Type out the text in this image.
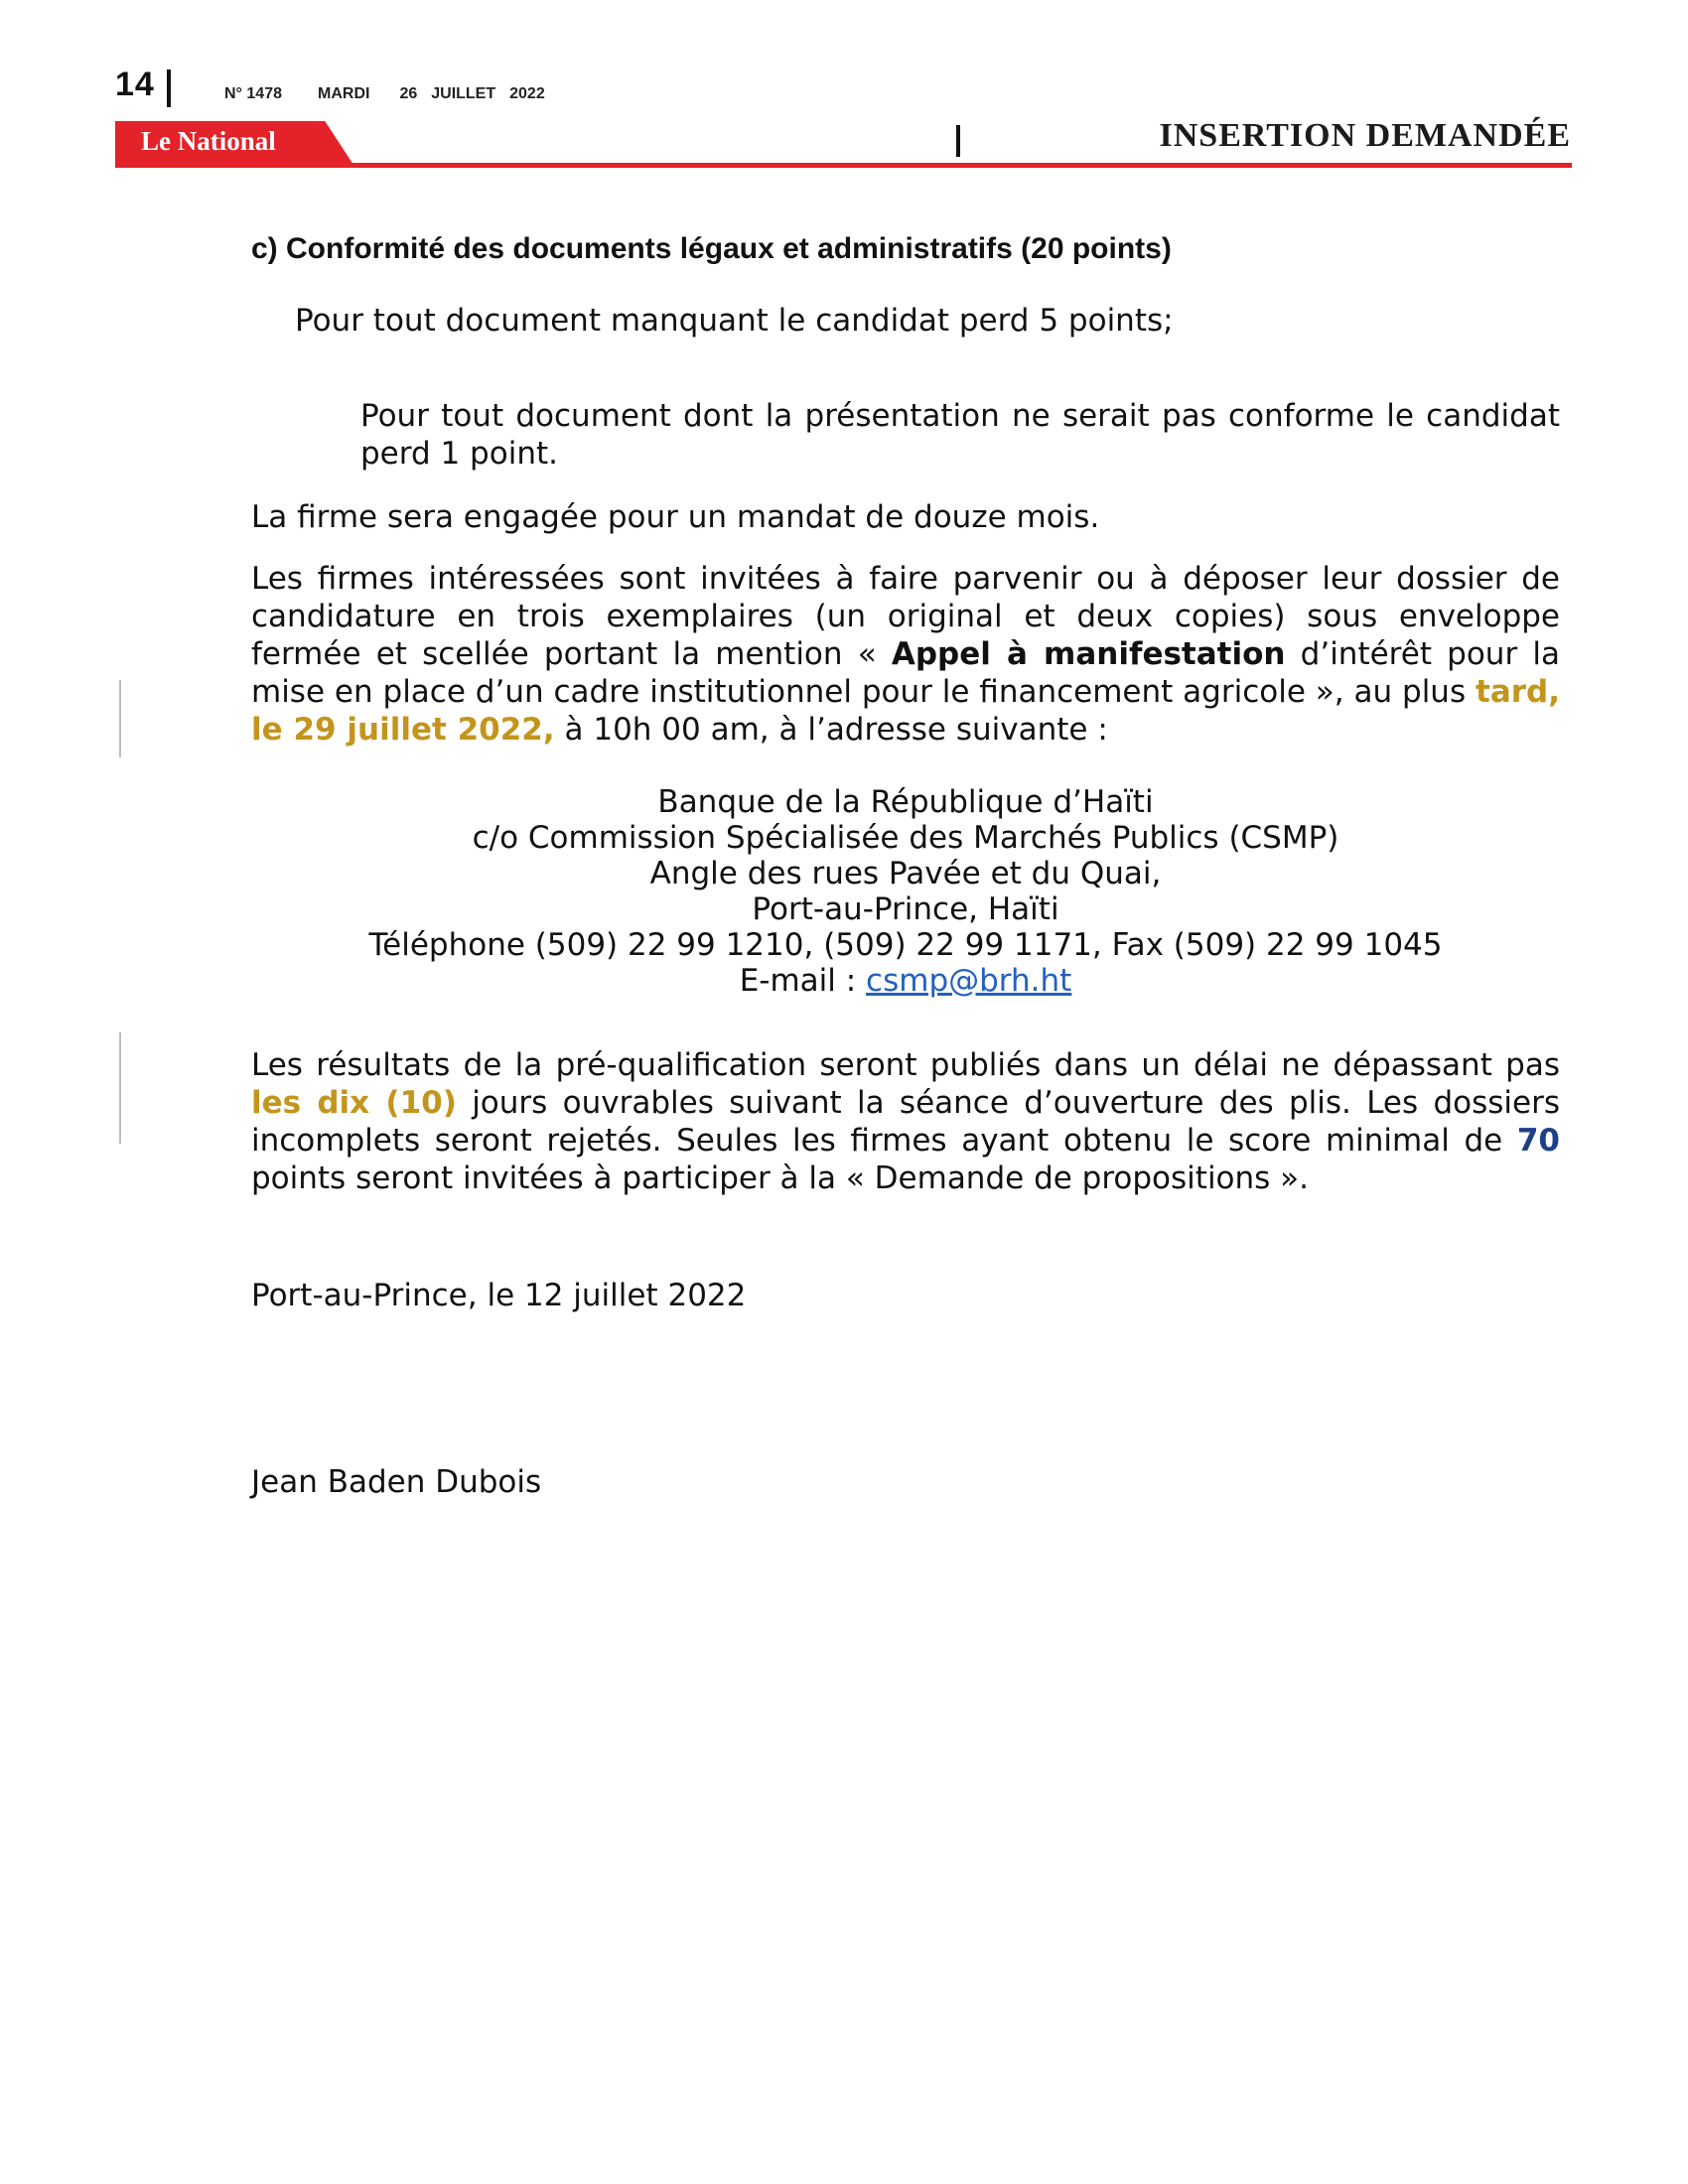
14	N° 1478 MARDI 26 JUILLET 2022
Le National	INSERTION DEMANDÉE
c) Conformité des documents légaux et administratifs (20 points)
Pour tout document manquant le candidat perd 5 points;
Pour tout document dont la présentation ne serait pas conforme le candidat perd 1 point.
La firme sera engagée pour un mandat de douze mois.
Les firmes intéressées sont invitées à faire parvenir ou à déposer leur dossier de candidature en trois exemplaires (un original et deux copies) sous enveloppe fermée et scellée portant la mention « Appel à manifestation d’intérêt pour la mise en place d’un cadre institutionnel pour le financement agricole », au plus tard, le 29 juillet 2022, à 10h 00 am, à l’adresse suivante :
Banque de la République d’Haïti
c/o Commission Spécialisée des Marchés Publics (CSMP)
Angle des rues Pavée et du Quai,
Port-au-Prince, Haïti
Téléphone (509) 22 99 1210, (509) 22 99 1171, Fax (509) 22 99 1045
E-mail : csmp@brh.ht
Les résultats de la pré-qualification seront publiés dans un délai ne dépassant pas les dix (10) jours ouvrables suivant la séance d’ouverture des plis. Les dossiers incomplets seront rejetés. Seules les firmes ayant obtenu le score minimal de 70 points seront invitées à participer à la « Demande de propositions ».
Port-au-Prince, le 12 juillet 2022
Jean Baden Dubois
